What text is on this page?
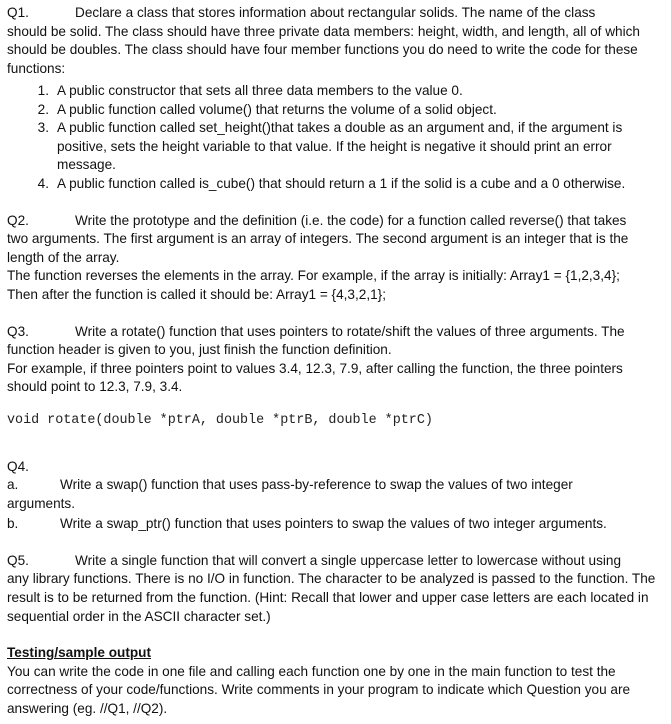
Q1.	Declare a class that stores information about rectangular solids. The name of the class
should be solid. The class should have three private data members: height, width, and length, all of which should be doubles. The class should have four member functions you do need to write the code for these functions:
1. A public constructor that sets all three data members to the value 0.
2. A public function called volume() that returns the volume of a solid object.
3. A public function called set_height()that takes a double as an argument and, if the argument is positive, sets the height variable to that value. If the height is negative it should print an error message.
4. A public function called is_cube() that should return a 1 if the solid is a cube and a 0 otherwise.
Q2.	Write the prototype and the definition (i.e. the code) for a function called reverse() that takes
two arguments. The first argument is an array of integers. The second argument is an integer that is the length of the array.
The function reverses the elements in the array. For example, if the array is initially: Array1 = {1,2,3,4};
Then after the function is called it should be: Array1 = {4,3,2,1};
Q3.	Write a rotate() function that uses pointers to rotate/shift the values of three arguments. The
function header is given to you, just finish the function definition.
For example, if three pointers point to values 3.4, 12.3, 7.9, after calling the function, the three pointers should point to 12.3, 7.9, 3.4.
void rotate(double *ptrA, double *ptrB, double *ptrC)
Q4.
a.	Write a swap() function that uses pass-by-reference to swap the values of two integer
arguments.
b.	Write a swap_ptr() function that uses pointers to swap the values of two integer arguments.
Q5.	Write a single function that will convert a single uppercase letter to lowercase without using
any library functions. There is no I/O in function. The character to be analyzed is passed to the function. The result is to be returned from the function. (Hint: Recall that lower and upper case letters are each located in sequential order in the ASCII character set.)
Testing/sample output
You can write the code in one file and calling each function one by one in the main function to test the correctness of your code/functions. Write comments in your program to indicate which Question you are answering (eg. //Q1, //Q2).
